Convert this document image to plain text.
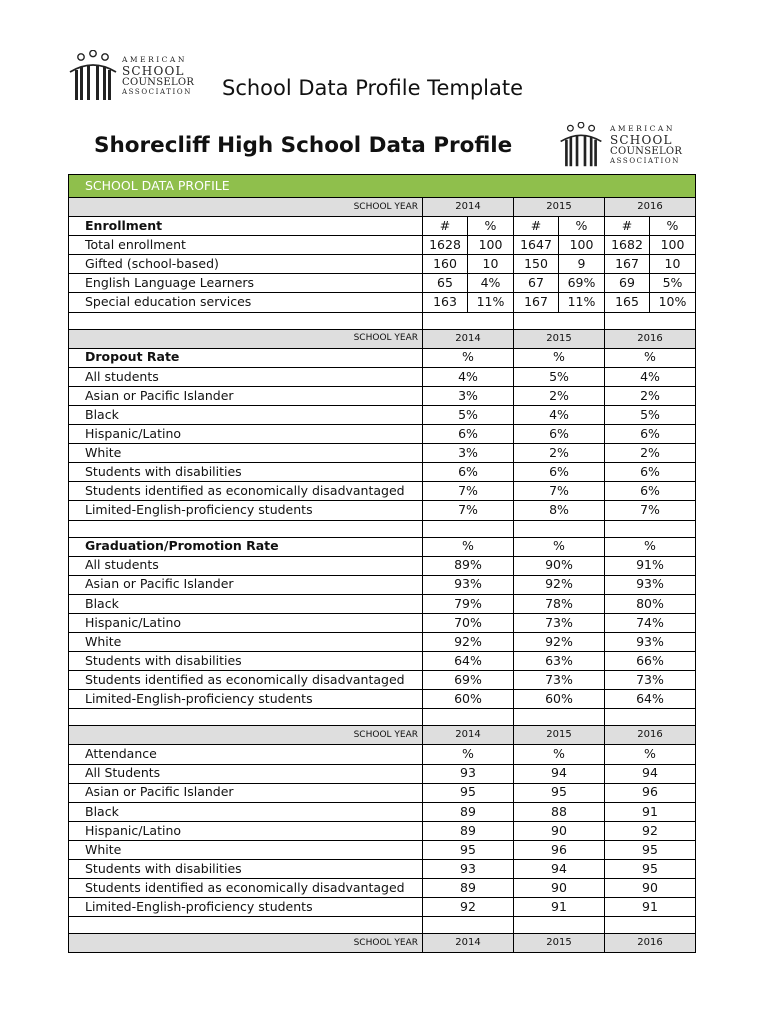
AMERICAN
SCHOOL
COUNSELOR
ASSOCIATION School Data Profile Template
Shorecliff High School Data Profile
AMERICAN
SCHOOL
COUNSELOR
ASSOCIATION
SCHOOL DATA PROFILE						
SCHOOL YEAR	2014		2015		2016	
Enrollment	#	%	#	%	#	%
Total enrollment	1628	100	1647	100	1682	100
Gifted (school-based)	160	10	150	9	167	10
English Language Learners	65	4%	67	69%	69	5%
Special education services	163	11%	167	11%	165	10%

SCHOOL YEAR	2014		2015		2016	
Dropout Rate	%		%		%	
All students	4%		5%		4%	
Asian or Pacific Islander	3%		2%		2%	
Black	5%		4%		5%	
Hispanic/Latino	6%		6%		6%	
White	3%		2%		2%	
Students with disabilities	6%		6%		6%	
Students identified as economically disadvantaged	7%		7%		6%	
Limited-English-proficiency students	7%		8%		7%	

Graduation/Promotion Rate	%		%		%	
All students	89%		90%		91%	
Asian or Pacific Islander	93%		92%		93%	
Black	79%		78%		80%	
Hispanic/Latino	70%		73%		74%	
White	92%		92%		93%	
Students with disabilities	64%		63%		66%	
Students identified as economically disadvantaged	69%		73%		73%	
Limited-English-proficiency students	60%		60%		64%	

SCHOOL YEAR	2014		2015		2016	
Attendance	%		%		%	
All Students	93		94		94	
Asian or Pacific Islander	95		95		96	
Black	89		88		91	
Hispanic/Latino	89		90		92	
White	95		96		95	
Students with disabilities	93		94		95	
Students identified as economically disadvantaged	89		90		90	
Limited-English-proficiency students	92		91		91	

SCHOOL YEAR	2014		2015		2016	
